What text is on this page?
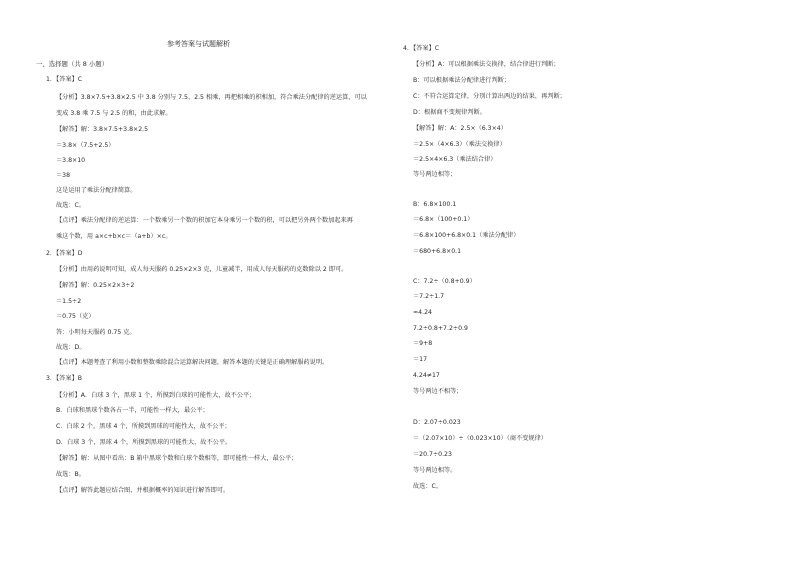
参考答案与试题解析
一、选择题（共 8 小题）
1．【答案】C
【分析】3.8×7.5+3.8×2.5 中 3.8 分别与 7.5、2.5 相乘，再把相乘的积相加，符合乘法分配律的逆运算，可以
变成 3.8 乘 7.5 与 2.5 的和，由此求解。
【解答】解：3.8×7.5+3.8×2.5
＝3.8×（7.5+2.5）
＝3.8×10
＝38
这是运用了乘法分配律简算。
故选：C。
【点评】乘法分配律的逆运算：一个数乘另一个数的积加它本身乘另一个数的积，可以把另外两个数加起来再
乘这个数，用 a×c+b×c＝（a+b）×c。
2．【答案】D
【分析】由用药说明可知，成人每天服药 0.25×2×3 克，儿童减半，用成人每天服药的克数除以 2 即可。
【解答】解：0.25×2×3÷2
＝1.5÷2
＝0.75（克）
答：小明每天服药 0.75 克。
故选：D。
【点评】本题考查了利用小数和整数乘除混合运算解决问题，解答本题的关键是正确理解服药说明。
3．【答案】B
【分析】A．白球 3 个，黑球 1 个，所摸到白球的可能性大，故不公平；
B．白球和黑球个数各占一半，可能性一样大，最公平；
C．白球 2 个，黑球 4 个，所摸到黑球的可能性大，故不公平；
D．白球 3 个，黑球 4 个，所摸到黑球的可能性大，故不公平。
【解答】解：从图中看出：B 箱中黑球个数和白球个数相等，即可能性一样大，最公平；
故选：B。
【点评】解答此题应结合图，并根据概率的知识进行解答即可。
4．【答案】C
【分析】A：可以根据乘法交换律，结合律进行判断；
B：可以根据乘法分配律进行判断；
C：不符合运算定律，分别计算出两边的结果，再判断；
D：根据商不变规律判断。
【解答】解：A：2.5×（6.3×4）
＝2.5×（4×6.3）（乘法交换律）
＝2.5×4×6.3（乘法结合律）
等号两边相等；
B：6.8×100.1
＝6.8×（100+0.1）
＝6.8×100+6.8×0.1（乘法分配律）
＝680+6.8×0.1
C：7.2÷（0.8+0.9）
＝7.2÷1.7
≈4.24
7.2÷0.8+7.2÷0.9
＝9+8
＝17
4.24≠17
等号两边不相等；
D：2.07÷0.023
＝（2.07×10）÷（0.023×10）（商不变规律）
＝20.7÷0.23
等号两边相等。
故选：C。
